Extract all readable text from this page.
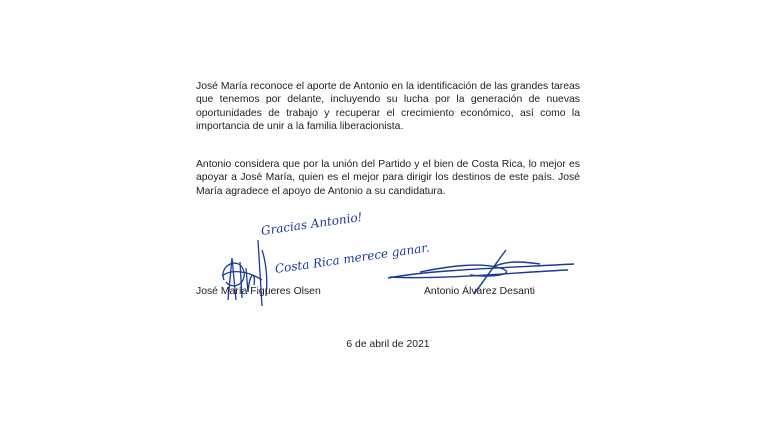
José María reconoce el aporte de Antonio en la identificación de las grandes tareas que tenemos por delante, incluyendo su lucha por la generación de nuevas oportunidades de trabajo y recuperar el crecimiento económico, así como la importancia de unir a la familia liberacionista.

Antonio considera que por la unión del Partido y el bien de Costa Rica, lo mejor es apoyar a José María, quien es el mejor para dirigir los destinos de este país. José María agradece el apoyo de Antonio a su candidatura.

Gracias Antonio!
Costa Rica merece ganar.
José María Figueres Olsen	Antonio Álvarez Desanti
6 de abril de 2021
